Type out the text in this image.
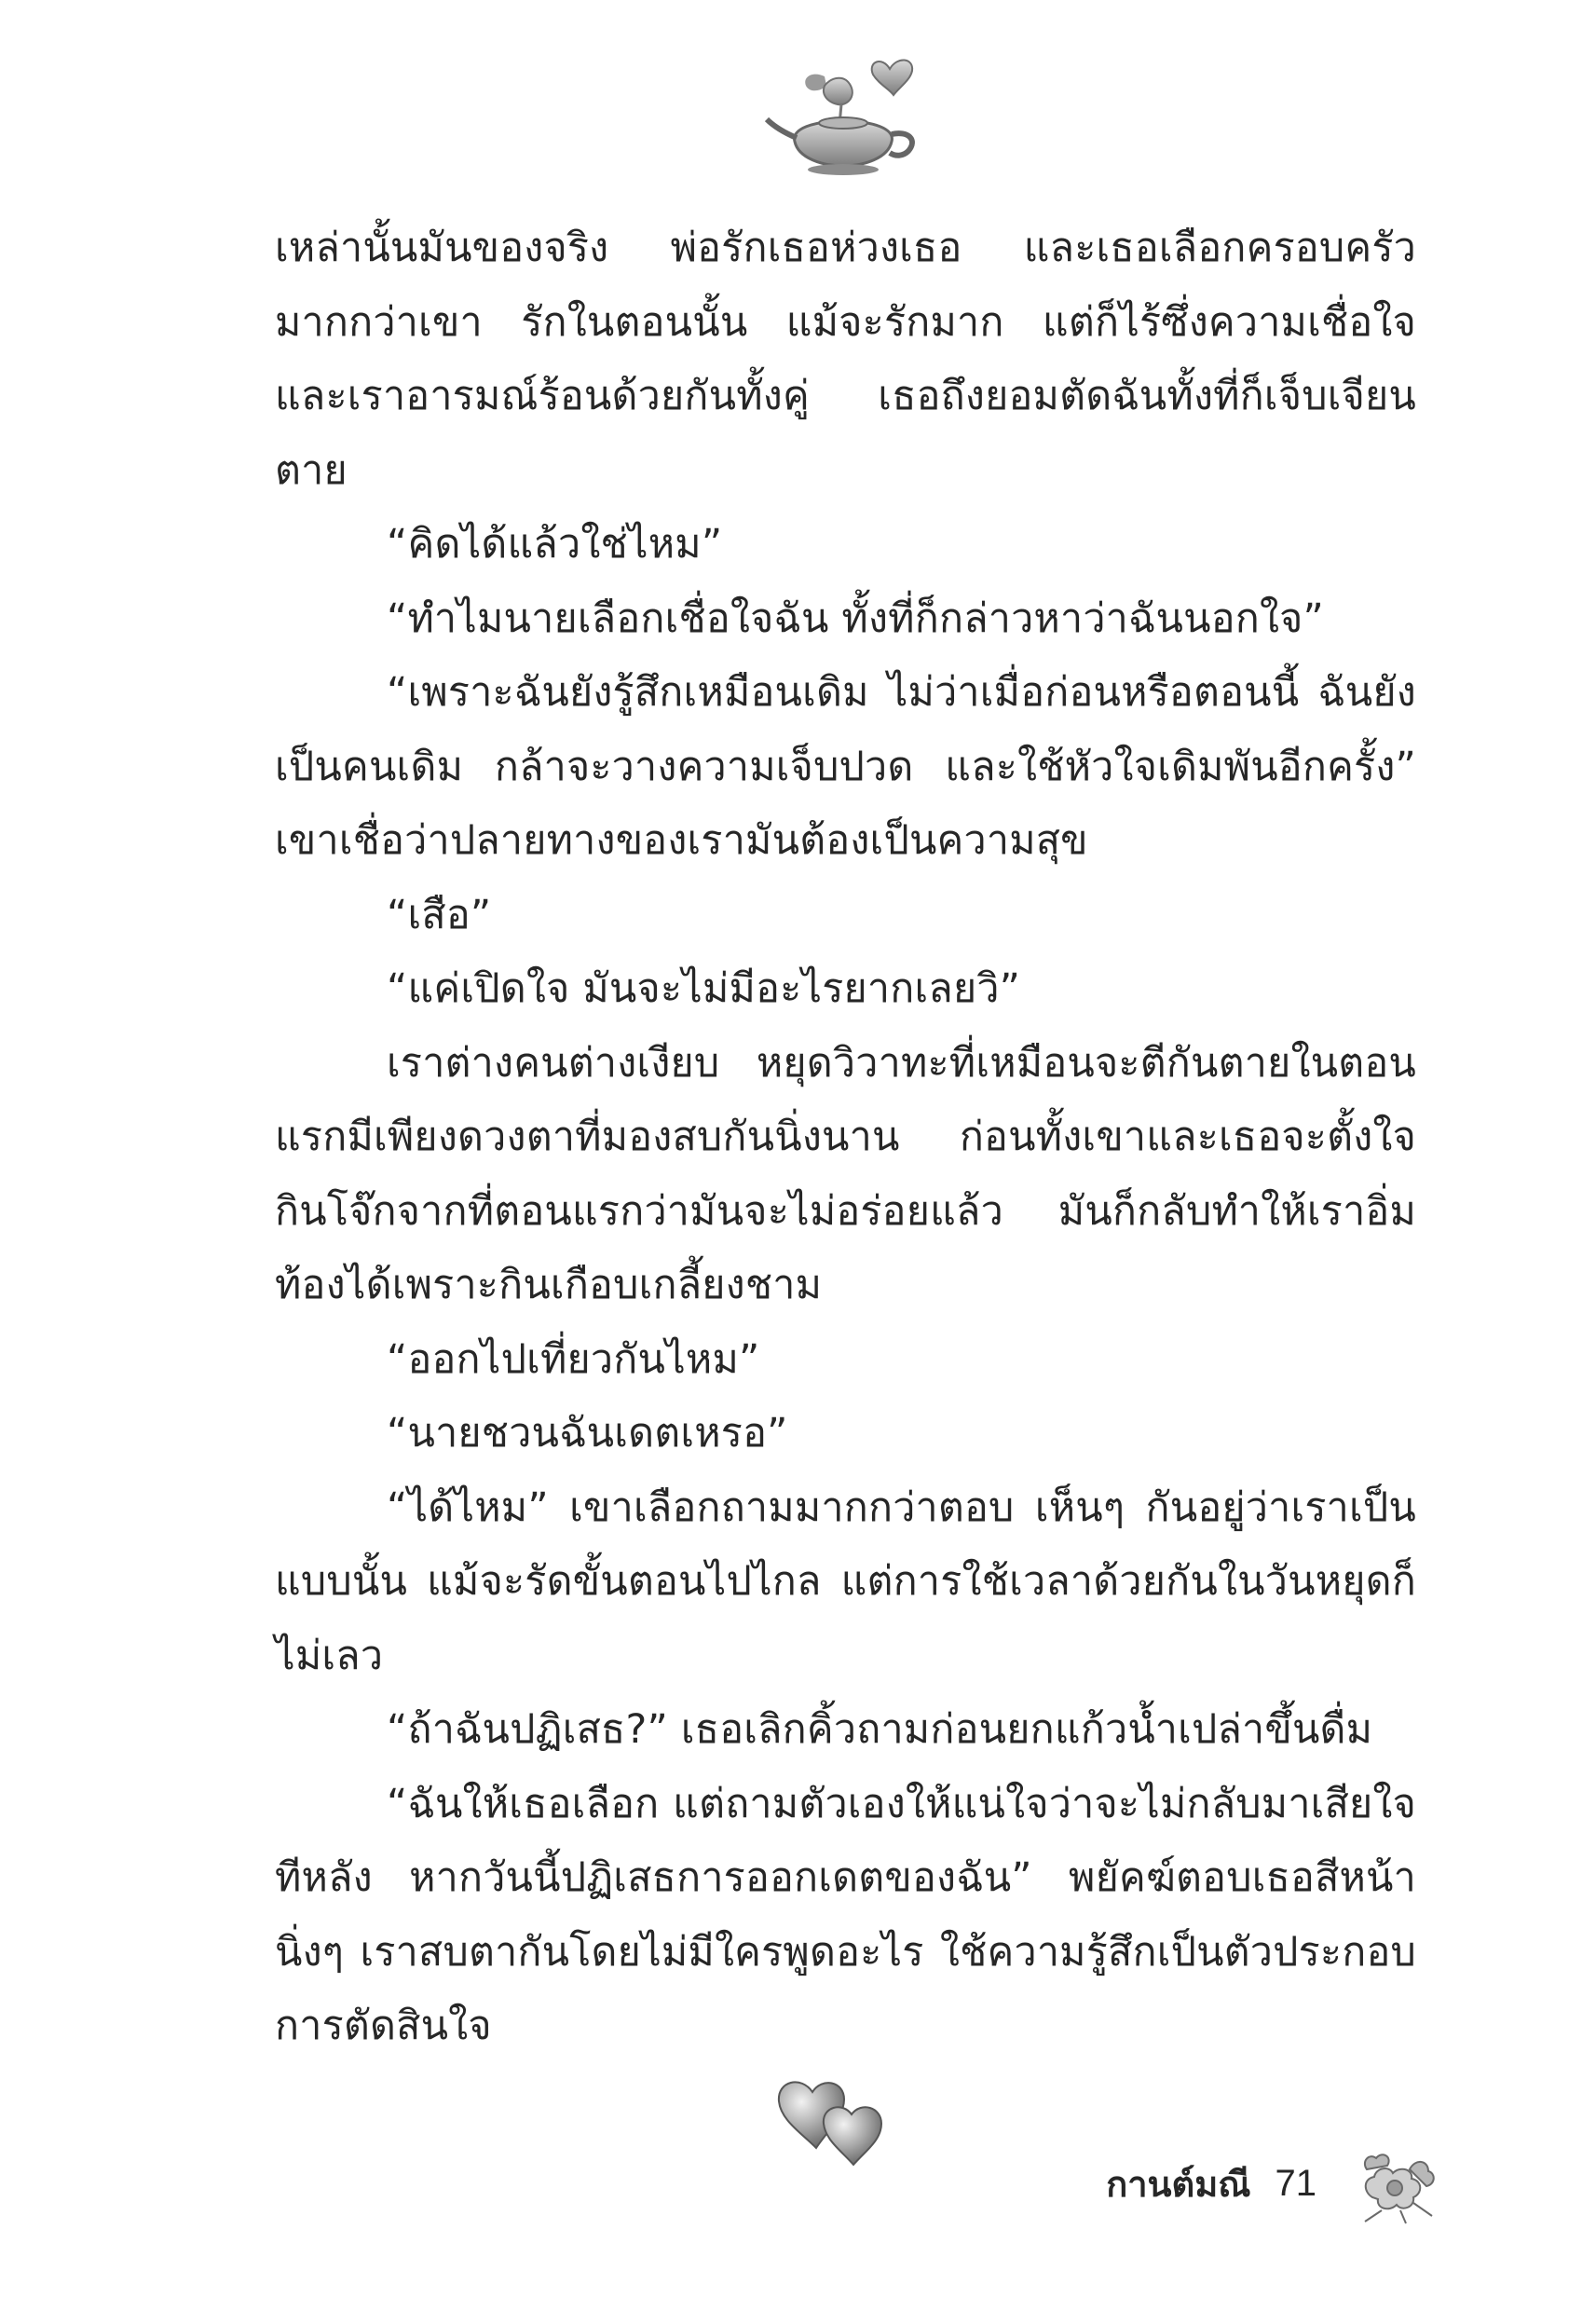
เหล่านั้นมันของจริง พ่อรักเธอห่วงเธอ และเธอเลือกครอบครัวมากกว่าเขา รักในตอนนั้น แม้จะรักมาก แต่ก็ไร้ซึ่งความเชื่อใจ และเราอารมณ์ร้อนด้วยกันทั้งคู่ เธอถึงยอมตัดฉันทั้งที่ก็เจ็บเจียนตาย

“คิดได้แล้วใช่ไหม”

“ทำไมนายเลือกเชื่อใจฉัน ทั้งที่ก็กล่าวหาว่าฉันนอกใจ”

“เพราะฉันยังรู้สึกเหมือนเดิม ไม่ว่าเมื่อก่อนหรือตอนนี้ ฉันยังเป็นคนเดิม กล้าจะวางความเจ็บปวด และใช้หัวใจเดิมพันอีกครั้ง” เขาเชื่อว่าปลายทางของเรามันต้องเป็นความสุข

“เสือ”

“แค่เปิดใจ มันจะไม่มีอะไรยากเลยวิ”

เราต่างคนต่างเงียบ หยุดวิวาทะที่เหมือนจะตีกันตายในตอนแรกมีเพียงดวงตาที่มองสบกันนิ่งนาน ก่อนทั้งเขาและเธอจะตั้งใจกินโจ๊กจากที่ตอนแรกว่ามันจะไม่อร่อยแล้ว มันก็กลับทำให้เราอิ่มท้องได้เพราะกินเกือบเกลี้ยงชาม

“ออกไปเที่ยวกันไหม”

“นายชวนฉันเดตเหรอ”

“ได้ไหม” เขาเลือกถามมากกว่าตอบ เห็นๆ กันอยู่ว่าเราเป็นแบบนั้น แม้จะรัดขั้นตอนไปไกล แต่การใช้เวลาด้วยกันในวันหยุดก็ไม่เลว

“ถ้าฉันปฏิเสธ?” เธอเลิกคิ้วถามก่อนยกแก้วน้ำเปล่าขึ้นดื่ม

“ฉันให้เธอเลือก แต่ถามตัวเองให้แน่ใจว่าจะไม่กลับมาเสียใจทีหลัง หากวันนี้ปฏิเสธการออกเดตของฉัน” พยัคฆ์ตอบเธอสีหน้านิ่งๆ เราสบตากันโดยไม่มีใครพูดอะไร ใช้ความรู้สึกเป็นตัวประกอบการตัดสินใจ

กานต์มณี 71
